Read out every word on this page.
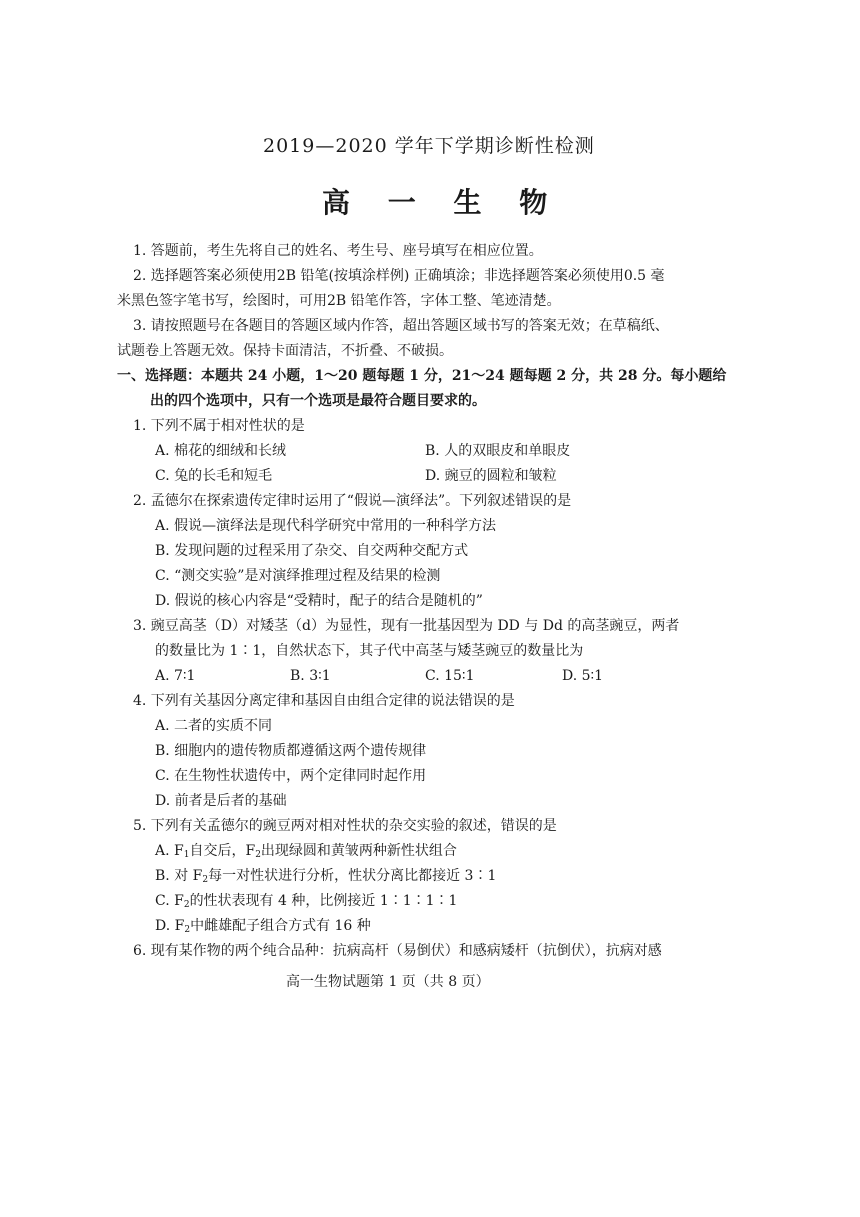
2019—2020 学年下学期诊断性检测
高 一 生 物
1. 答题前，考生先将自己的姓名、考生号、座号填写在相应位置。
2. 选择题答案必须使用2B 铅笔(按填涂样例) 正确填涂；非选择题答案必须使用0.5 毫
米黑色签字笔书写，绘图时，可用2B 铅笔作答，字体工整、笔迹清楚。
3. 请按照题号在各题目的答题区域内作答，超出答题区域书写的答案无效；在草稿纸、
试题卷上答题无效。保持卡面清洁，不折叠、不破损。
一、选择题：本题共 24 小题，1～20 题每题 1 分，21～24 题每题 2 分，共 28 分。每小题给
出的四个选项中，只有一个选项是最符合题目要求的。
1. 下列不属于相对性状的是
A. 棉花的细绒和长绒	B. 人的双眼皮和单眼皮
C. 兔的长毛和短毛	D. 豌豆的圆粒和皱粒
2. 孟德尔在探索遗传定律时运用了“假说—演绎法”。下列叙述错误的是
A. 假说—演绎法是现代科学研究中常用的一种科学方法
B. 发现问题的过程采用了杂交、自交两种交配方式
C. “测交实验”是对演绎推理过程及结果的检测
D. 假说的核心内容是“受精时，配子的结合是随机的”
3. 豌豆高茎（D）对矮茎（d）为显性，现有一批基因型为 DD 与 Dd 的高茎豌豆，两者
的数量比为 1∶1，自然状态下，其子代中高茎与矮茎豌豆的数量比为
A. 7∶1	B. 3∶1	C. 15∶1	D. 5∶1
4. 下列有关基因分离定律和基因自由组合定律的说法错误的是
A. 二者的实质不同
B. 细胞内的遗传物质都遵循这两个遗传规律
C. 在生物性状遗传中，两个定律同时起作用
D. 前者是后者的基础
5. 下列有关孟德尔的豌豆两对相对性状的杂交实验的叙述，错误的是
A. $F_1$自交后，$F_2$出现绿圆和黄皱两种新性状组合
B. 对 $F_2$每一对性状进行分析，性状分离比都接近 3∶1
C. $F_2$的性状表现有 4 种，比例接近 1∶1∶1∶1
D. $F_2$中雌雄配子组合方式有 16 种
6. 现有某作物的两个纯合品种：抗病高杆（易倒伏）和感病矮杆（抗倒伏），抗病对感
高一生物试题第 1 页（共 8 页）
